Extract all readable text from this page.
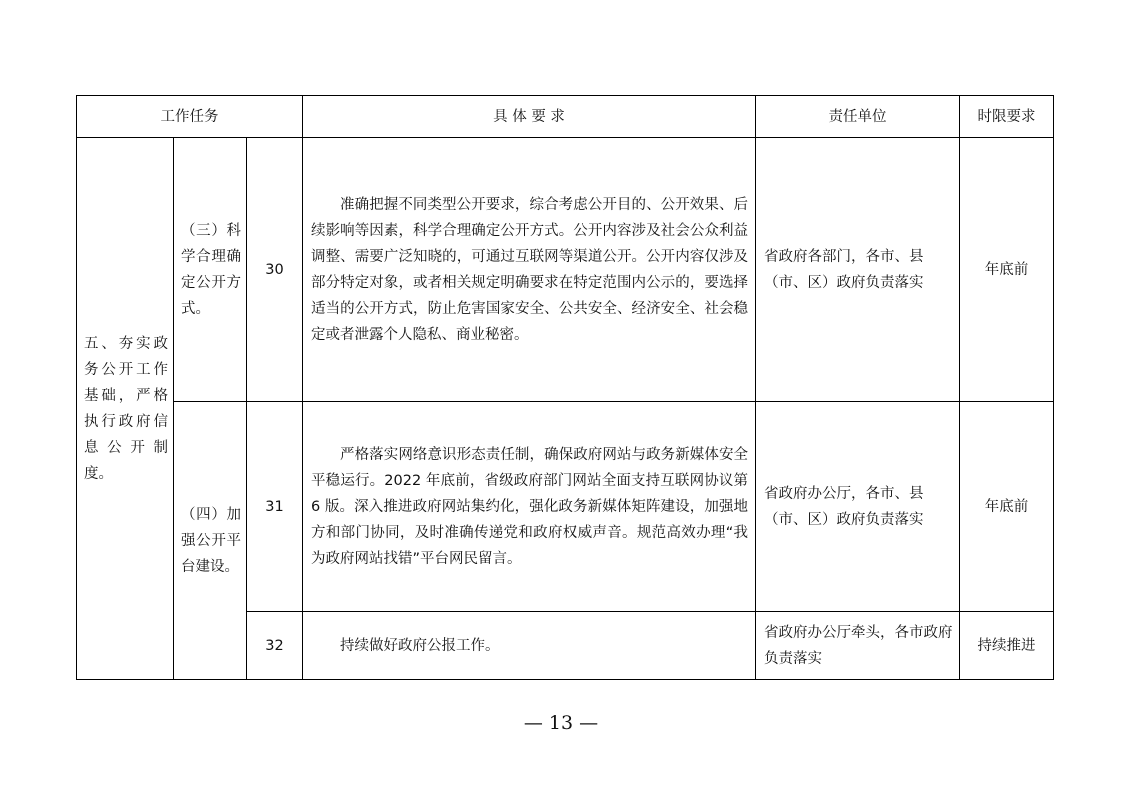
工作任务			具 体 要 求	责任单位	时限要求
五、夯实政务公开工作基础，严格执行政府信息公开制度。	（三）科学合理确定公开方式。	30	准确把握不同类型公开要求，综合考虑公开目的、公开效果、后续影响等因素，科学合理确定公开方式。公开内容涉及社会公众利益调整、需要广泛知晓的，可通过互联网等渠道公开。公开内容仅涉及部分特定对象，或者相关规定明确要求在特定范围内公示的，要选择适当的公开方式，防止危害国家安全、公共安全、经济安全、社会稳定或者泄露个人隐私、商业秘密。	省政府各部门，各市、县（市、区）政府负责落实	年底前
	（四）加强公开平台建设。	31	严格落实网络意识形态责任制，确保政府网站与政务新媒体安全平稳运行。2022 年底前，省级政府部门网站全面支持互联网协议第 6 版。深入推进政府网站集约化，强化政务新媒体矩阵建设，加强地方和部门协同，及时准确传递党和政府权威声音。规范高效办理“我为政府网站找错”平台网民留言。	省政府办公厅，各市、县（市、区）政府负责落实	年底前
		32	持续做好政府公报工作。	省政府办公厅牵头，各市政府负责落实	持续推进
— 13 —
